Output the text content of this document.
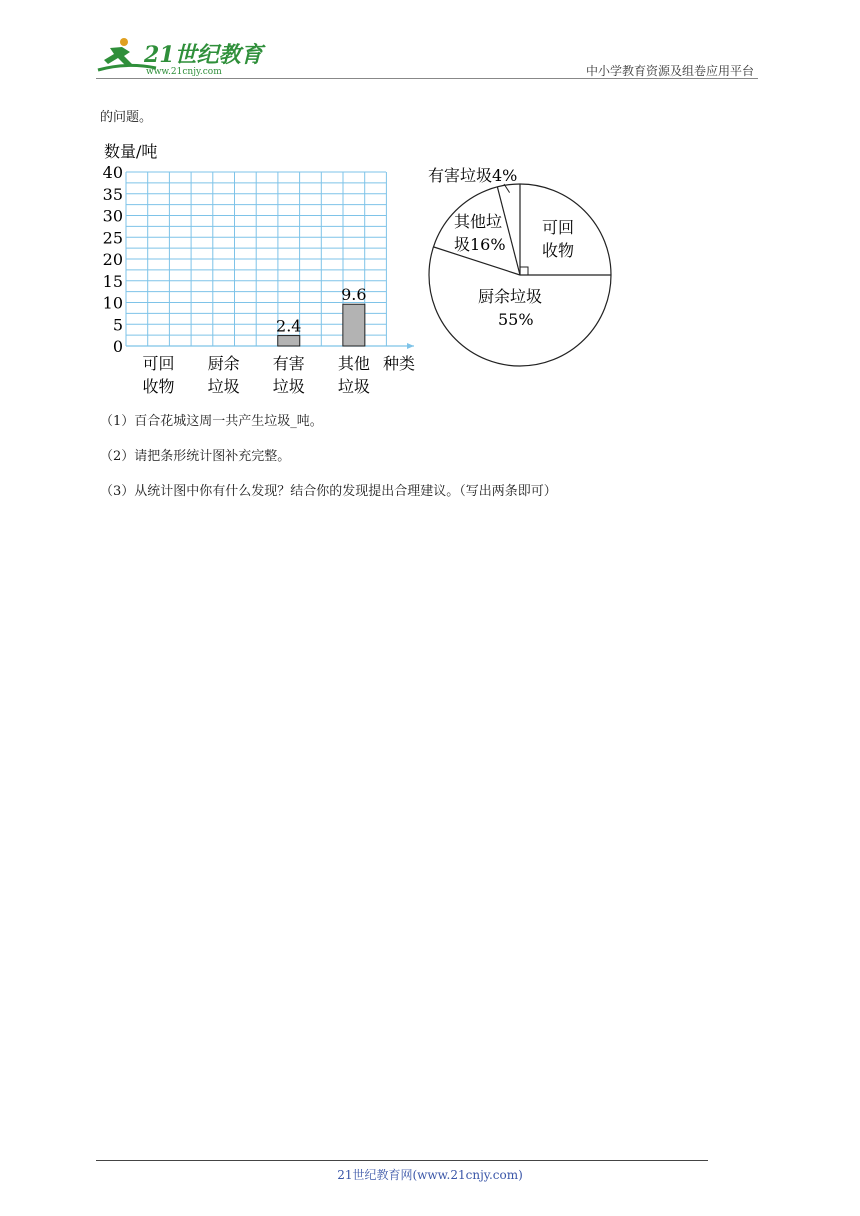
21世纪教育
www.21cnjy.com	中小学教育资源及组卷应用平台
的问题。
2.4
9.6
数量/吨
种类
0
5
10
15
20
25
30
35
40
可回
收物
厨余
垃圾
有害
垃圾
其他
垃圾
可回
收物
厨余垃圾
55%
其他垃
圾16%
有害垃圾4%
（1）百合花城这周一共产生垃圾_吨。
（2）请把条形统计图补充完整。
（3）从统计图中你有什么发现？结合你的发现提出合理建议。（写出两条即可）
21世纪教育网(www.21cnjy.com)
